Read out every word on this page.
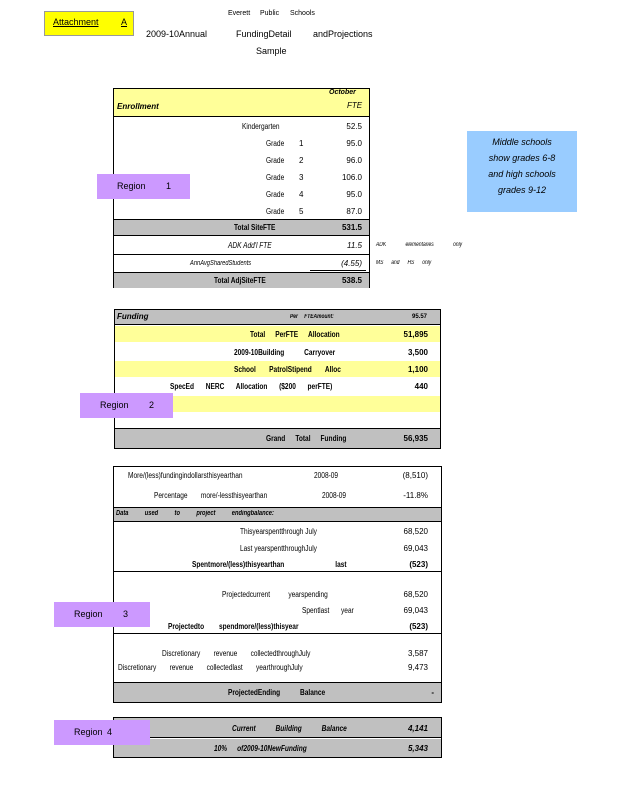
Attachment A
Everett Public Schools
2009-10Annual	FundingDetail andProjections
Sample
Middle schools
show grades 6-8
and high schools
grades 9-12
Enrollment
October
FTE
Kindergarten	52.5
Grade 1	95.0
Grade 2	96.0
Grade 3	106.0
Grade 4	95.0
Grade 5	87.0
Total SiteFTE	531.5
ADK Add'l FTE	11.5 ADK elementaries only
AnnAvgSharedStudents	(4.55) MS and HS only
Total AdjSiteFTE	538.5
Region 1
Funding	Per FTEAmount:	95.57
Total PerFTE Allocation	51,895
2009-10Building Carryover	3,500
School PatrolStipend Alloc	1,100
SpecEd NERC Allocation ($200 perFTE)	440
Grand Total Funding	56,935
Region 2
More/(less)fundingindollarsthisyearthan	2008-09	(8,510)
Percentage more/-lessthisyearthan	2008-09	-11.8%
Data used to project endingbalance:
Thisyearspentthrough July	68,520
Last yearspentthroughJuly	69,043
Spentmore/(less)thisyearthan last	(523)
Projectedcurrent yearspending	68,520
Spentlast year	69,043
Projectedto spendmore/(less)thisyear	(523)
Discretionary revenue collectedthroughJuly	3,587
Discretionary revenue collectedlast yearthroughJuly	9,473
ProjectedEnding Balance	-
Region 3
Current Building Balance	4,141
10% of2009-10NewFunding	5,343
Region 4
